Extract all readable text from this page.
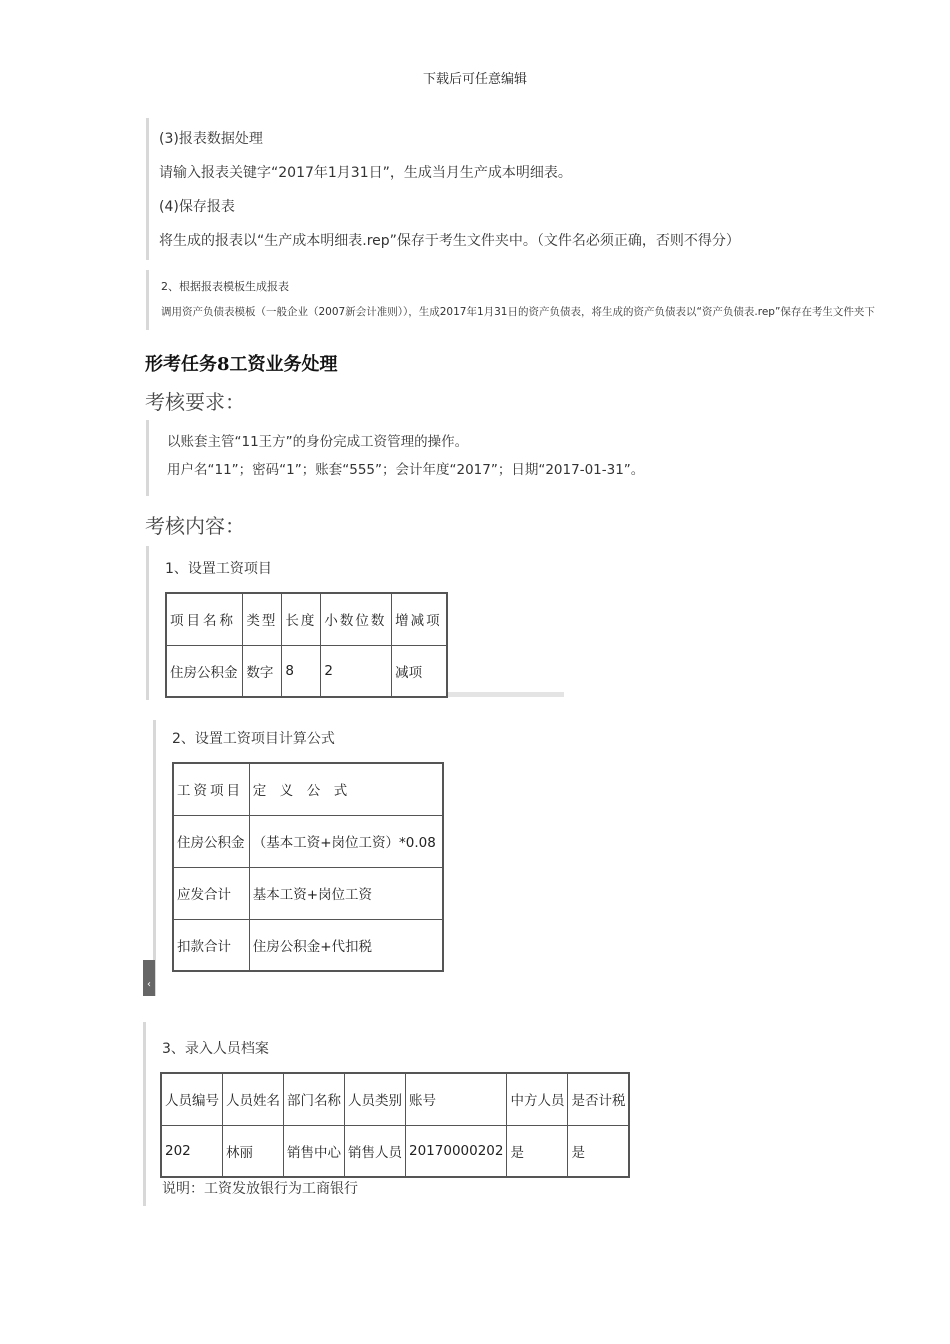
下载后可任意编辑
(3)报表数据处理
请输入报表关键字“2017年1月31日”，生成当月生产成本明细表。
(4)保存报表
将生成的报表以“生产成本明细表.rep”保存于考生文件夹中。（文件名必须正确，否则不得分）
2、根据报表模板生成报表
调用资产负债表模板（一般企业（2007新会计准则）），生成2017年1月31日的资产负债表，将生成的资产负债表以“资产负债表.rep”保存在考生文件夹下
形考任务8工资业务处理
考核要求：
以账套主管“11王方”的身份完成工资管理的操作。
用户名“11”；密码“1”；账套“555”；会计年度“2017”；日期“2017-01-31”。
考核内容：
1、设置工资项目
项目名称	类型	长度	小数位数	增减项
住房公积金	数字	8	2	减项
2、设置工资项目计算公式
‹
工资项目	定　义　公　式
住房公积金	（基本工资+岗位工资）*0.08
应发合计	基本工资+岗位工资
扣款合计	住房公积金+代扣税
3、录入人员档案
说明：工资发放银行为工商银行
人员编号	人员姓名	部门名称	人员类别	账号	中方人员	是否计税
202	林丽	销售中心	销售人员	20170000202	是	是
